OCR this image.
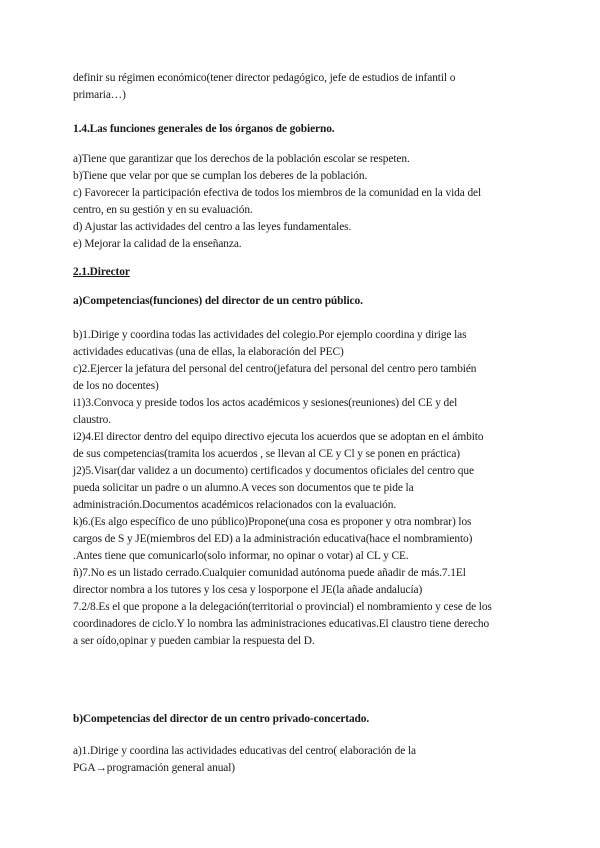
definir su régimen económico(tener director pedagógico, jefe de estudios de infantil o

primaria…)

1.4.Las funciones generales de los órganos de gobierno.

a)Tiene que garantizar que los derechos de la población escolar se respeten.

b)Tiene que velar por que se cumplan los deberes de la población.

c) Favorecer la participación efectiva de todos los miembros de la comunidad en la vida del

centro, en su gestión y en su evaluación.

d) Ajustar las actividades del centro a las leyes fundamentales.

e) Mejorar la calidad de la enseñanza.

2.1.Director

a)Competencias(funciones) del director de un centro público.

b)1.Dirige y coordina todas las actividades del colegio.Por ejemplo coordina y dirige las

actividades educativas (una de ellas, la elaboración del PEC)

c)2.Ejercer la jefatura del personal del centro(jefatura del personal del centro pero también

de los no docentes)

i1)3.Convoca y preside todos los actos académicos y sesiones(reuniones) del CE y del

claustro.

i2)4.El director dentro del equipo directivo ejecuta los acuerdos que se adoptan en el ámbito

de sus competencias(tramita los acuerdos , se llevan al CE y Cl y se ponen en práctica)

j2)5.Visar(dar validez a un documento) certificados y documentos oficiales del centro que

pueda solicitar un padre o un alumno.A veces son documentos que te pide la

administración.Documentos académicos relacionados con la evaluación.

k)6.(Es algo específico de uno público)Propone(una cosa es proponer y otra nombrar) los

cargos de S y JE(miembros del ED) a la administración educativa(hace el nombramiento)

.Antes tiene que comunicarlo(solo informar, no opinar o votar) al CL y CE.

ñ)7.No es un listado cerrado.Cualquier comunidad autónoma puede añadir de más.7.1El

director nombra a los tutores y los cesa y losporpone el JE(la añade andalucía)

7.2/8.Es el que propone a la delegación(territorial o provincial) el nombramiento y cese de los

coordinadores de ciclo.Y lo nombra las administraciones educativas.El claustro tiene derecho

a ser oído,opinar y pueden cambiar la respuesta del D.

b)Competencias del director de un centro privado-concertado.

a)1.Dirige y coordina las actividades educativas del centro( elaboración de la

PGA→programación general anual)
